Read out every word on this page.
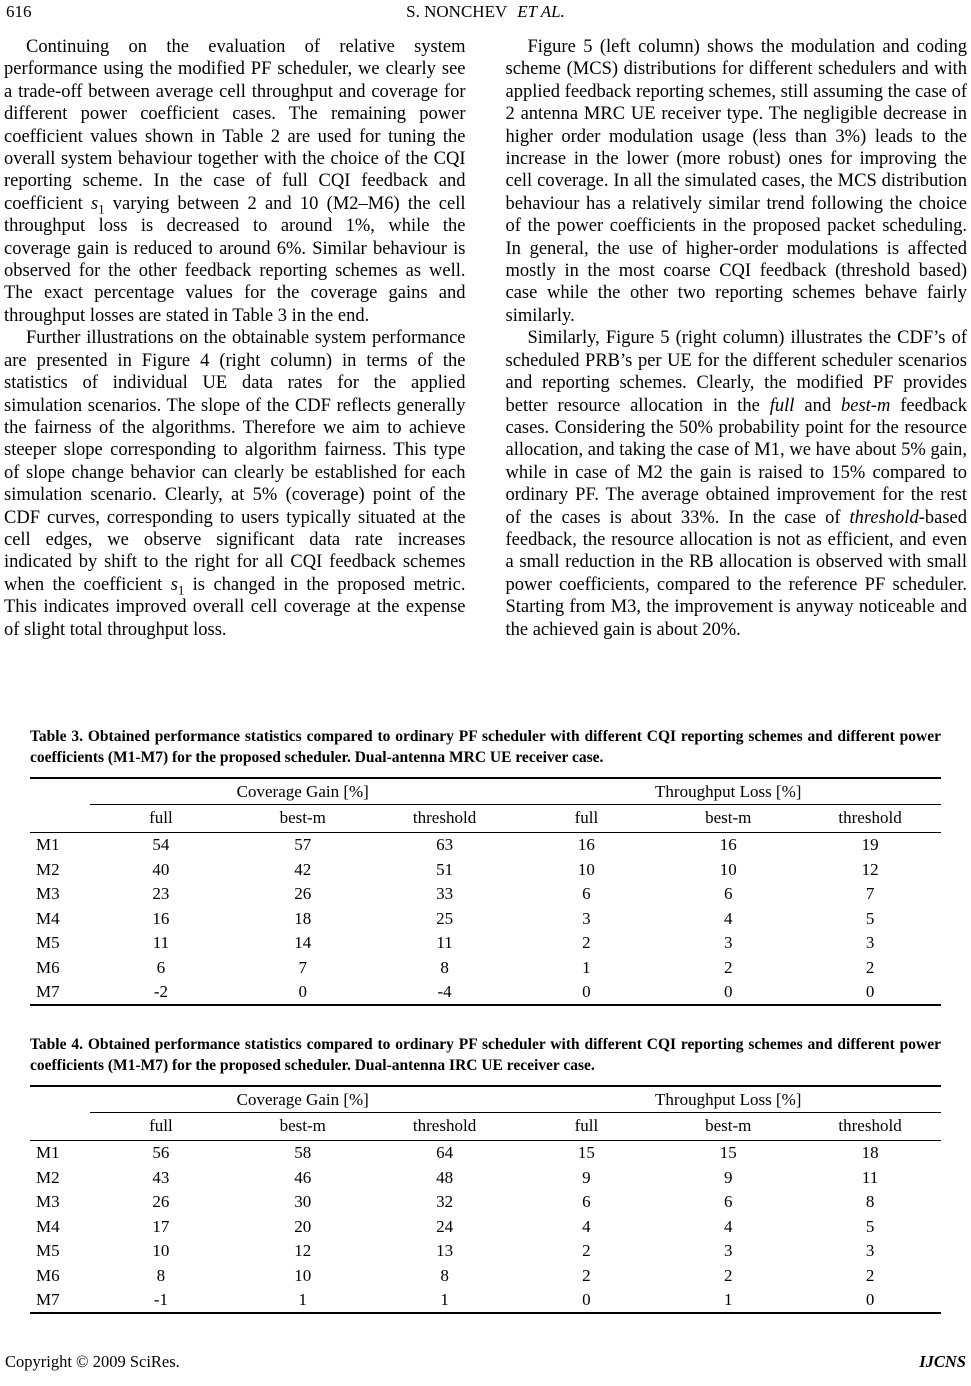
616	S. NONCHEV ET AL.

Continuing on the evaluation of relative system performance using the modified PF scheduler, we clearly see a trade-off between average cell throughput and coverage for different power coefficient cases. The remaining power coefficient values shown in Table 2 are used for tuning the overall system behaviour together with the choice of the CQI reporting scheme. In the case of full CQI feedback and coefficient $s_1$ varying between 2 and 10 (M2–M6) the cell throughput loss is decreased to around 1%, while the coverage gain is reduced to around 6%. Similar behaviour is observed for the other feedback reporting schemes as well. The exact percentage values for the coverage gains and throughput losses are stated in Table 3 in the end.

Further illustrations on the obtainable system performance are presented in Figure 4 (right column) in terms of the statistics of individual UE data rates for the applied simulation scenarios. The slope of the CDF reflects generally the fairness of the algorithms. Therefore we aim to achieve steeper slope corresponding to algorithm fairness. This type of slope change behavior can clearly be established for each simulation scenario. Clearly, at 5% (coverage) point of the CDF curves, corresponding to users typically situated at the cell edges, we observe significant data rate increases indicated by shift to the right for all CQI feedback schemes when the coefficient $s_1$ is changed in the proposed metric. This indicates improved overall cell coverage at the expense of slight total throughput loss.

Figure 5 (left column) shows the modulation and coding scheme (MCS) distributions for different schedulers and with applied feedback reporting schemes, still assuming the case of 2 antenna MRC UE receiver type. The negligible decrease in higher order modulation usage (less than 3%) leads to the increase in the lower (more robust) ones for improving the cell coverage. In all the simulated cases, the MCS distribution behaviour has a relatively similar trend following the choice of the power coefficients in the proposed packet scheduling. In general, the use of higher-order modulations is affected mostly in the most coarse CQI feedback (threshold based) case while the other two reporting schemes behave fairly similarly.

Similarly, Figure 5 (right column) illustrates the CDF’s of scheduled PRB’s per UE for the different scheduler scenarios and reporting schemes. Clearly, the modified PF provides better resource allocation in the full and best-m feedback cases. Considering the 50% probability point for the resource allocation, and taking the case of M1, we have about 5% gain, while in case of M2 the gain is raised to 15% compared to ordinary PF. The average obtained improvement for the rest of the cases is about 33%. In the case of threshold-based feedback, the resource allocation is not as efficient, and even a small reduction in the RB allocation is observed with small power coefficients, compared to the reference PF scheduler. Starting from M3, the improvement is anyway noticeable and the achieved gain is about 20%.

Table 3. Obtained performance statistics compared to ordinary PF scheduler with different CQI reporting schemes and different power coefficients (M1-M7) for the proposed scheduler. Dual-antenna MRC UE receiver case.

	Coverage Gain [%]			Throughput Loss [%]		
	full	best-m	threshold	full	best-m	threshold
M1	54	57	63	16	16	19
M2	40	42	51	10	10	12
M3	23	26	33	6	6	7
M4	16	18	25	3	4	5
M5	11	14	11	2	3	3
M6	6	7	8	1	2	2
M7	-2	0	-4	0	0	0

Table 4. Obtained performance statistics compared to ordinary PF scheduler with different CQI reporting schemes and different power coefficients (M1-M7) for the proposed scheduler. Dual-antenna IRC UE receiver case.

	Coverage Gain [%]			Throughput Loss [%]		
	full	best-m	threshold	full	best-m	threshold
M1	56	58	64	15	15	18
M2	43	46	48	9	9	11
M3	26	30	32	6	6	8
M4	17	20	24	4	4	5
M5	10	12	13	2	3	3
M6	8	10	8	2	2	2
M7	-1	1	1	0	1	0
Copyright © 2009 SciRes.	IJCNS
